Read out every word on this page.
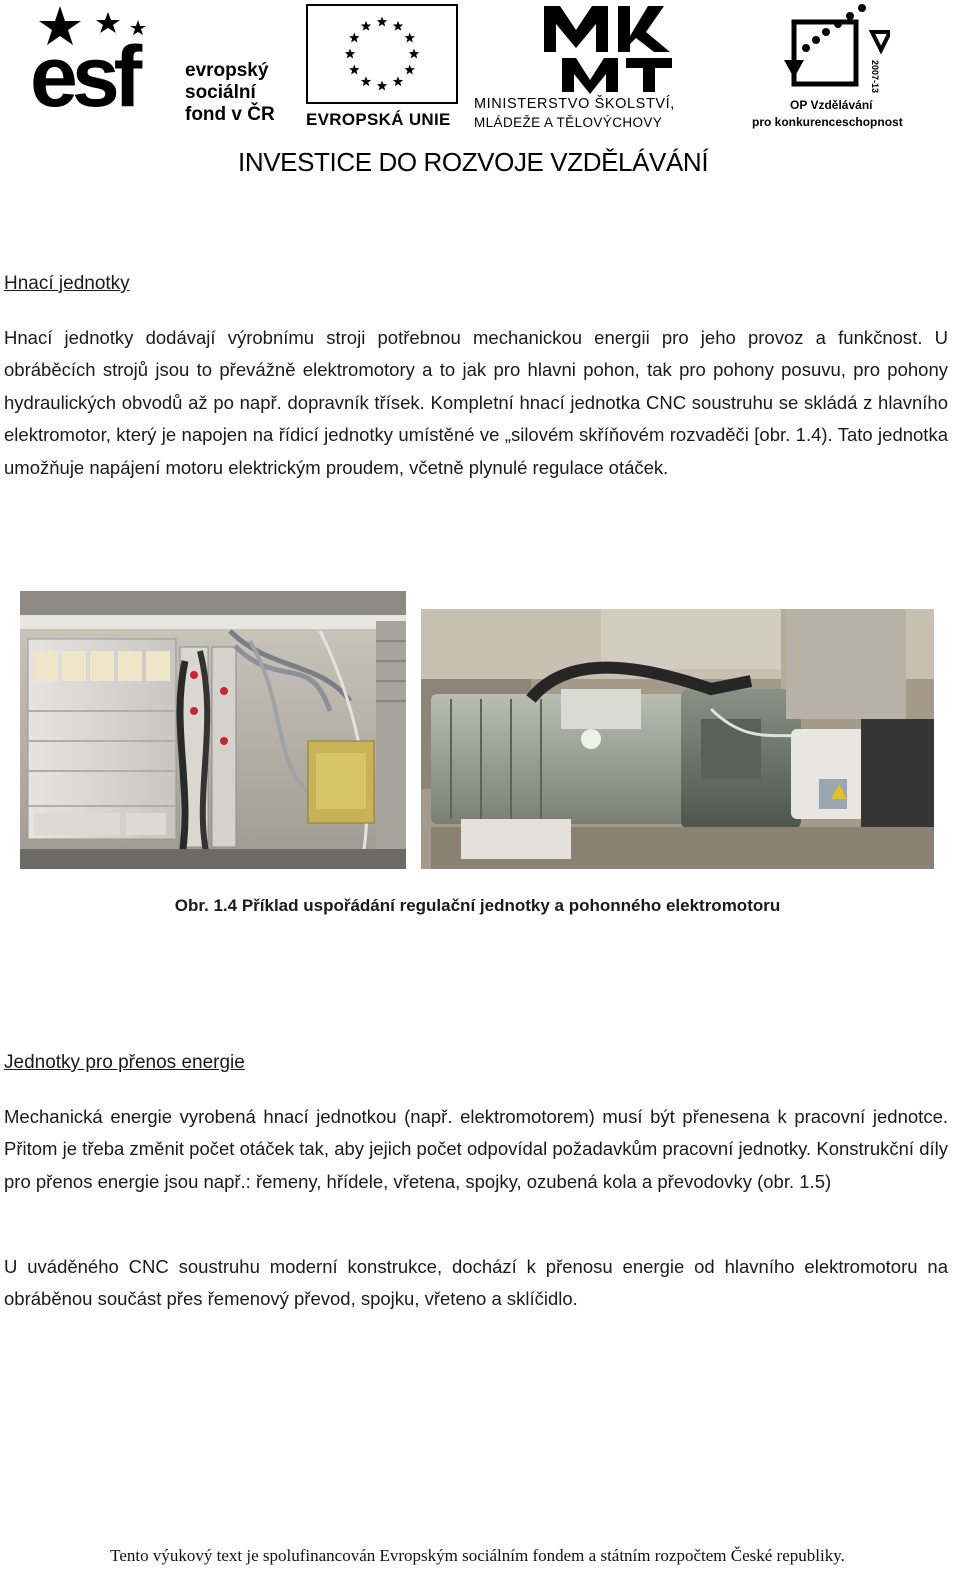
esf	evropský
sociální
fond v ČR EVROPSKÁ UNIE
MINISTERSTVO ŠKOLSTVÍ,
MLÁDEŽE A TĚLOVÝCHOVY
2007-13
OP Vzdělávání
pro konkurenceschopnost
INVESTICE DO ROZVOJE VZDĚLÁVÁNÍ
Hnací jednotky
Hnací jednotky dodávají výrobnímu stroji potřebnou mechanickou energii pro jeho provoz a funkčnost. U obráběcích strojů jsou to převážně elektromotory a to jak pro hlavni pohon, tak pro pohony posuvu, pro pohony hydraulických obvodů až po např. dopravník třísek. Kompletní hnací jednotka CNC soustruhu se skládá z hlavního elektromotor, který je napojen na řídicí jednotky umístěné ve „silovém skříňovém rozvaděči [obr. 1.4). Tato jednotka umožňuje napájení motoru elektrickým proudem, včetně plynulé regulace otáček.
Obr. 1.4 Příklad uspořádání regulační jednotky a pohonného elektromotoru
Jednotky pro přenos energie
Mechanická energie vyrobená hnací jednotkou (např. elektromotorem) musí být přenesena k pracovní jednotce. Přitom je třeba změnit počet otáček tak, aby jejich počet odpovídal požadavkům pracovní jednotky. Konstrukční díly pro přenos energie jsou např.: řemeny, hřídele, vřetena, spojky, ozubená kola a převodovky (obr. 1.5)
U uváděného CNC soustruhu moderní konstrukce, dochází k přenosu energie od hlavního elektromotoru na obráběnou součást přes řemenový převod, spojku, vřeteno a sklíčidlo.
Tento výukový text je spolufinancován Evropským sociálním fondem a státním rozpočtem České republiky.
